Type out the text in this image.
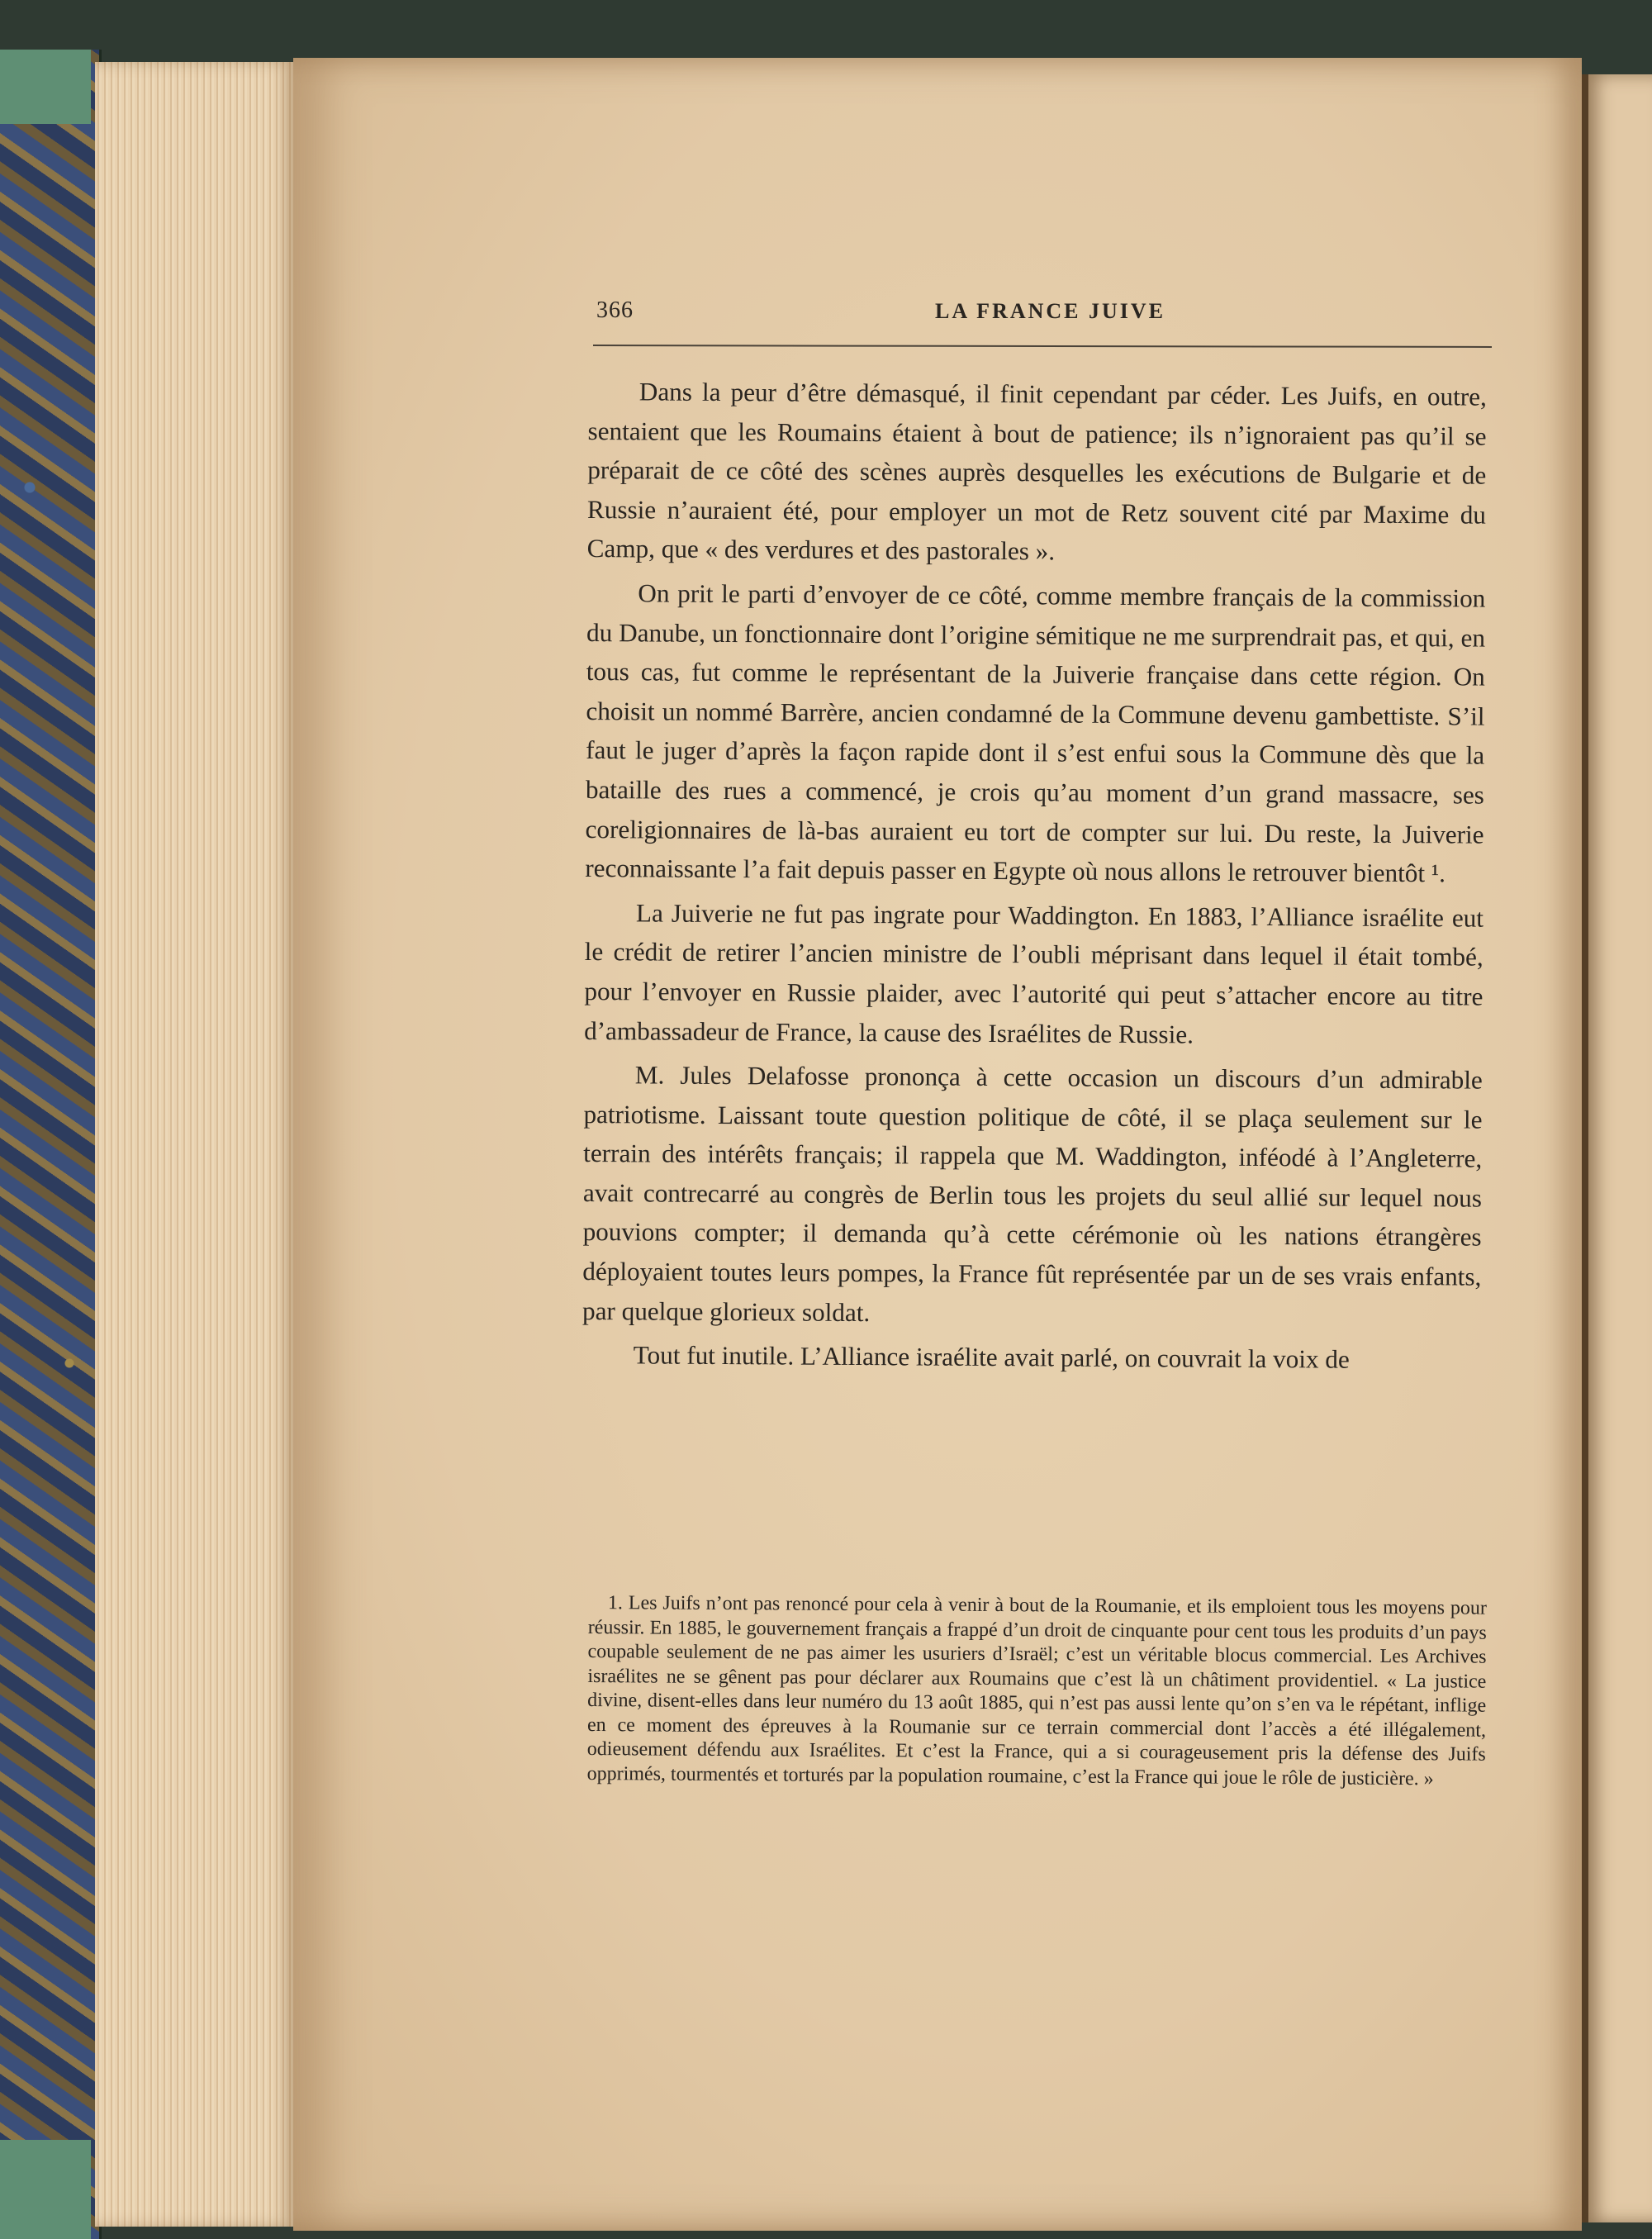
366	LA FRANCE JUIVE

Dans la peur d’être démasqué, il finit cependant par céder. Les Juifs, en outre, sentaient que les Roumains étaient à bout de patience; ils n’ignoraient pas qu’il se préparait de ce côté des scènes auprès desquelles les exécutions de Bulgarie et de Russie n’auraient été, pour employer un mot de Retz souvent cité par Maxime du Camp, que « des verdures et des pastorales ».

On prit le parti d’envoyer de ce côté, comme membre français de la commission du Danube, un fonctionnaire dont l’origine sémitique ne me surprendrait pas, et qui, en tous cas, fut comme le représentant de la Juiverie française dans cette région. On choisit un nommé Barrère, ancien condamné de la Commune devenu gambettiste. S’il faut le juger d’après la façon rapide dont il s’est enfui sous la Commune dès que la bataille des rues a commencé, je crois qu’au moment d’un grand massacre, ses coreligionnaires de là-bas auraient eu tort de compter sur lui. Du reste, la Juiverie reconnaissante l’a fait depuis passer en Egypte où nous allons le retrouver bientôt ¹.

La Juiverie ne fut pas ingrate pour Waddington. En 1883, l’Alliance israélite eut le crédit de retirer l’ancien ministre de l’oubli méprisant dans lequel il était tombé, pour l’envoyer en Russie plaider, avec l’autorité qui peut s’attacher encore au titre d’ambassadeur de France, la cause des Israélites de Russie.

M. Jules Delafosse prononça à cette occasion un discours d’un admirable patriotisme. Laissant toute question politique de côté, il se plaça seulement sur le terrain des intérêts français; il rappela que M. Waddington, inféodé à l’Angleterre, avait contrecarré au congrès de Berlin tous les projets du seul allié sur lequel nous pouvions compter; il demanda qu’à cette cérémonie où les nations étrangères déployaient toutes leurs pompes, la France fût représentée par un de ses vrais enfants, par quelque glorieux soldat.

Tout fut inutile. L’Alliance israélite avait parlé, on couvrait la voix de

1. Les Juifs n’ont pas renoncé pour cela à venir à bout de la Roumanie, et ils emploient tous les moyens pour réussir. En 1885, le gouvernement français a frappé d’un droit de cinquante pour cent tous les produits d’un pays coupable seulement de ne pas aimer les usuriers d’Israël; c’est un véritable blocus commercial. Les Archives israélites ne se gênent pas pour déclarer aux Roumains que c’est là un châtiment providentiel. « La justice divine, disent-elles dans leur numéro du 13 août 1885, qui n’est pas aussi lente qu’on s’en va le répétant, inflige en ce moment des épreuves à la Roumanie sur ce terrain commercial dont l’accès a été illégalement, odieusement défendu aux Israélites. Et c’est la France, qui a si courageusement pris la défense des Juifs opprimés, tourmentés et torturés par la population roumaine, c’est la France qui joue le rôle de justicière. »
